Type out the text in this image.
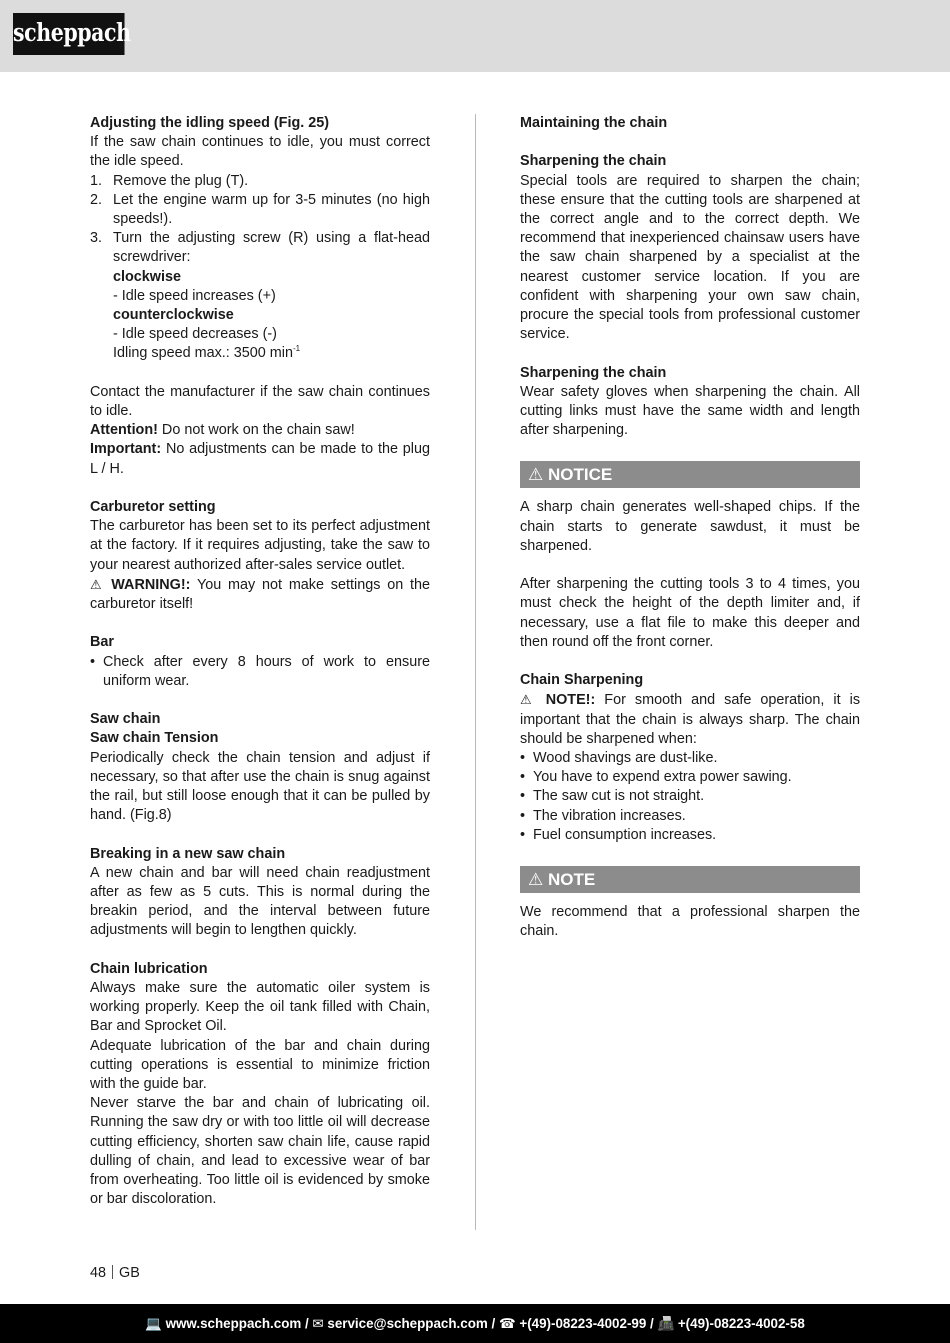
scheppach

Adjusting the idling speed (Fig. 25)

If the saw chain continues to idle, you must correct the idle speed.

1. Remove the plug (T).
2. Let the engine warm up for 3-5 minutes (no high speeds!).
3. Turn the adjusting screw (R) using a flat-head screwdriver:

clockwise

- Idle speed increases (+)

counterclockwise

- Idle speed decreases (-)

Idling speed max.: 3500 $\min^{-1}$

Contact the manufacturer if the saw chain continues to idle.

Attention! Do not work on the chain saw!

Important: No adjustments can be made to the plug L / H.

Carburetor setting

The carburetor has been set to its perfect adjustment at the factory. If it requires adjusting, take the saw to your nearest authorized after-sales service outlet.

⚠ WARNING!: You may not make settings on the carburetor itself!

Bar

• Check after every 8 hours of work to ensure uniform wear.

Saw chain

Saw chain Tension

Periodically check the chain tension and adjust if necessary, so that after use the chain is snug against the rail, but still loose enough that it can be pulled by hand. (Fig.8)

Breaking in a new saw chain

A new chain and bar will need chain readjustment after as few as 5 cuts. This is normal during the breakin period, and the interval between future adjustments will begin to lengthen quickly.

Chain lubrication

Always make sure the automatic oiler system is working properly. Keep the oil tank filled with Chain, Bar and Sprocket Oil.

Adequate lubrication of the bar and chain during cutting operations is essential to minimize friction with the guide bar.

Never starve the bar and chain of lubricating oil. Running the saw dry or with too little oil will decrease cutting efficiency, shorten saw chain life, cause rapid dulling of chain, and lead to excessive wear of bar from overheating. Too little oil is evidenced by smoke or bar discoloration.

Maintaining the chain

Sharpening the chain

Special tools are required to sharpen the chain; these ensure that the cutting tools are sharpened at the correct angle and to the correct depth. We recommend that inexperienced chainsaw users have the saw chain sharpened by a specialist at the nearest customer service location. If you are confident with sharpening your own saw chain, procure the special tools from professional customer service.

Sharpening the chain

Wear safety gloves when sharpening the chain. All cutting links must have the same width and length after sharpening.

⚠ NOTICE

A sharp chain generates well-shaped chips. If the chain starts to generate sawdust, it must be sharpened.

After sharpening the cutting tools 3 to 4 times, you must check the height of the depth limiter and, if necessary, use a flat file to make this deeper and then round off the front corner.

Chain Sharpening

⚠ NOTE!: For smooth and safe operation, it is important that the chain is always sharp. The chain should be sharpened when:

• Wood shavings are dust-like.
• You have to expend extra power sawing.
• The saw cut is not straight.
• The vibration increases.
• Fuel consumption increases.
⚠ NOTE

We recommend that a professional sharpen the chain.

48 GB
💻 www.scheppach.com / ✉ service@scheppach.com / ☎ +(49)-08223-4002-99 / 📠 +(49)-08223-4002-58
